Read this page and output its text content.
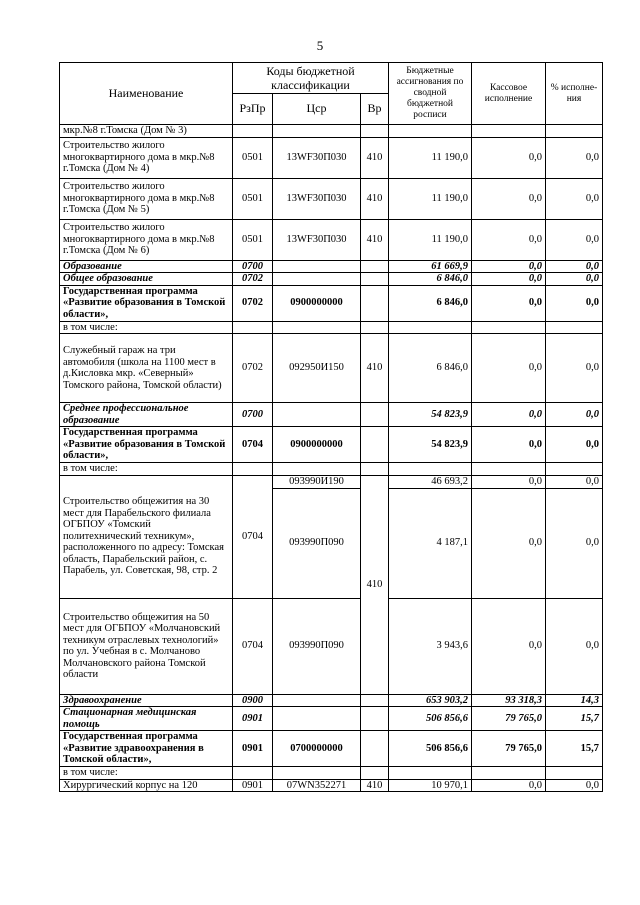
5
Наименование	Коды бюджетной классификации			Бюджетные ассигнования по сводной бюджетной росписи	Кассовое исполнение	% исполне-ния
	РзПр	Цср	Вр			
мкр.№8 г.Томска (Дом № 3)						
Строительство жилого многоквартирного дома в мкр.№8 г.Томска (Дом № 4)	0501	13WF30П030	410	11 190,0	0,0	0,0
Строительство жилого многоквартирного дома в мкр.№8 г.Томска (Дом № 5)	0501	13WF30П030	410	11 190,0	0,0	0,0
Строительство жилого многоквартирного дома в мкр.№8 г.Томска (Дом № 6)	0501	13WF30П030	410	11 190,0	0,0	0,0
Образование	0700			61 669,9	0,0	0,0
Общее образование	0702			6 846,0	0,0	0,0
Государственная программа «Развитие образования в Томской области»,	0702	0900000000		6 846,0	0,0	0,0
в том числе:						
Служебный гараж на три автомобиля (школа на 1100 мест в д.Кисловка мкр. «Северный» Томского района, Томской области)	0702	092950И150	410	6 846,0	0,0	0,0
Среднее профессиональное образование	0700			54 823,9	0,0	0,0
Государственная программа «Развитие образования в Томской области»,	0704	0900000000		54 823,9	0,0	0,0
в том числе:						
Строительство общежития на 30 мест для Парабельского филиала ОГБПОУ «Томский политехнический техникум», расположенного по адресу: Томская область, Парабельский район, с. Парабель, ул. Советская, 98, стр. 2	0704	093990И190	410	46 693,2	0,0	0,0
		093990П090		4 187,1	0,0	0,0
Строительство общежития на 50 мест для ОГБПОУ «Молчановский техникум отраслевых технологий» по ул. Учебная в с. Молчаново Молчановского района Томской области	0704	093990П090		3 943,6	0,0	0,0
Здравоохранение	0900			653 903,2	93 318,3	14,3
Стационарная медицинская помощь	0901			506 856,6	79 765,0	15,7
Государственная программа «Развитие здравоохранения в Томской области»,	0901	0700000000		506 856,6	79 765,0	15,7
в том числе:						
Хирургический корпус на 120	0901	07WN352271	410	10 970,1	0,0	0,0
